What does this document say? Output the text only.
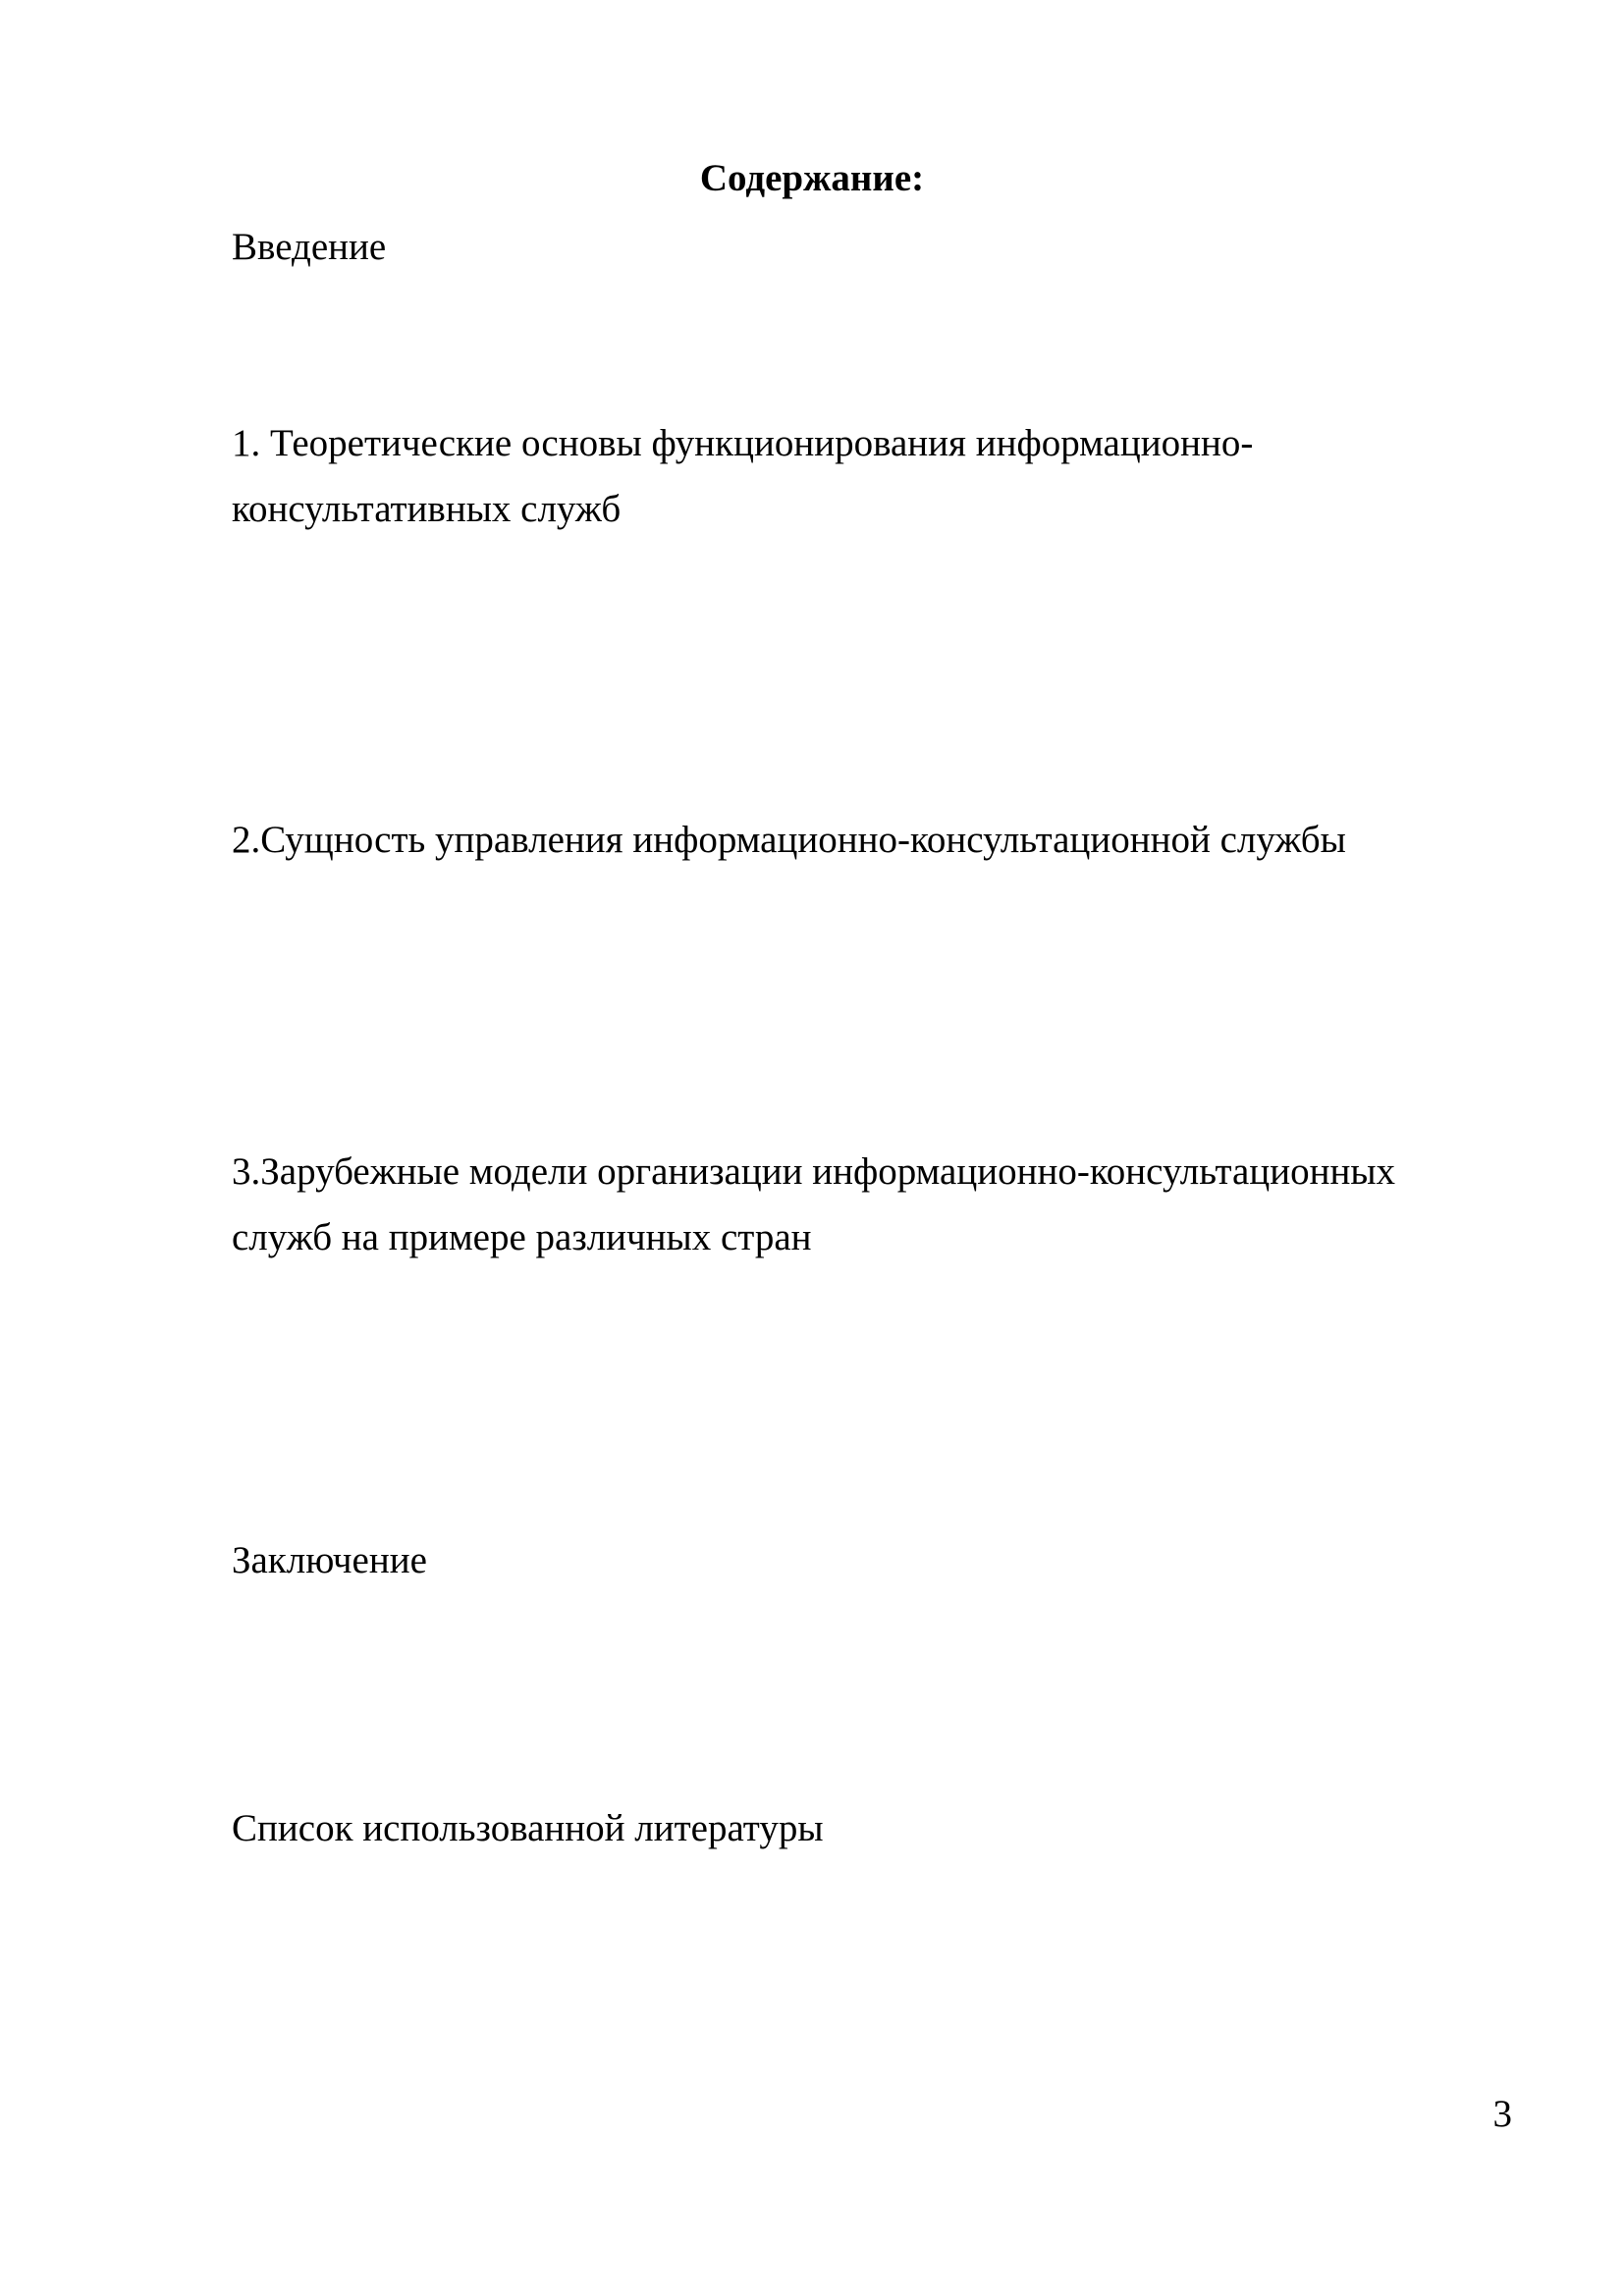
Содержание:

Введение

1. Теоретические основы функционирования информационно-
консультативных служб

2.Сущность управления информационно-консультационной службы

3.Зарубежные модели организации информационно-консультационных
служб на примере различных стран

Заключение

Список использованной литературы

3
